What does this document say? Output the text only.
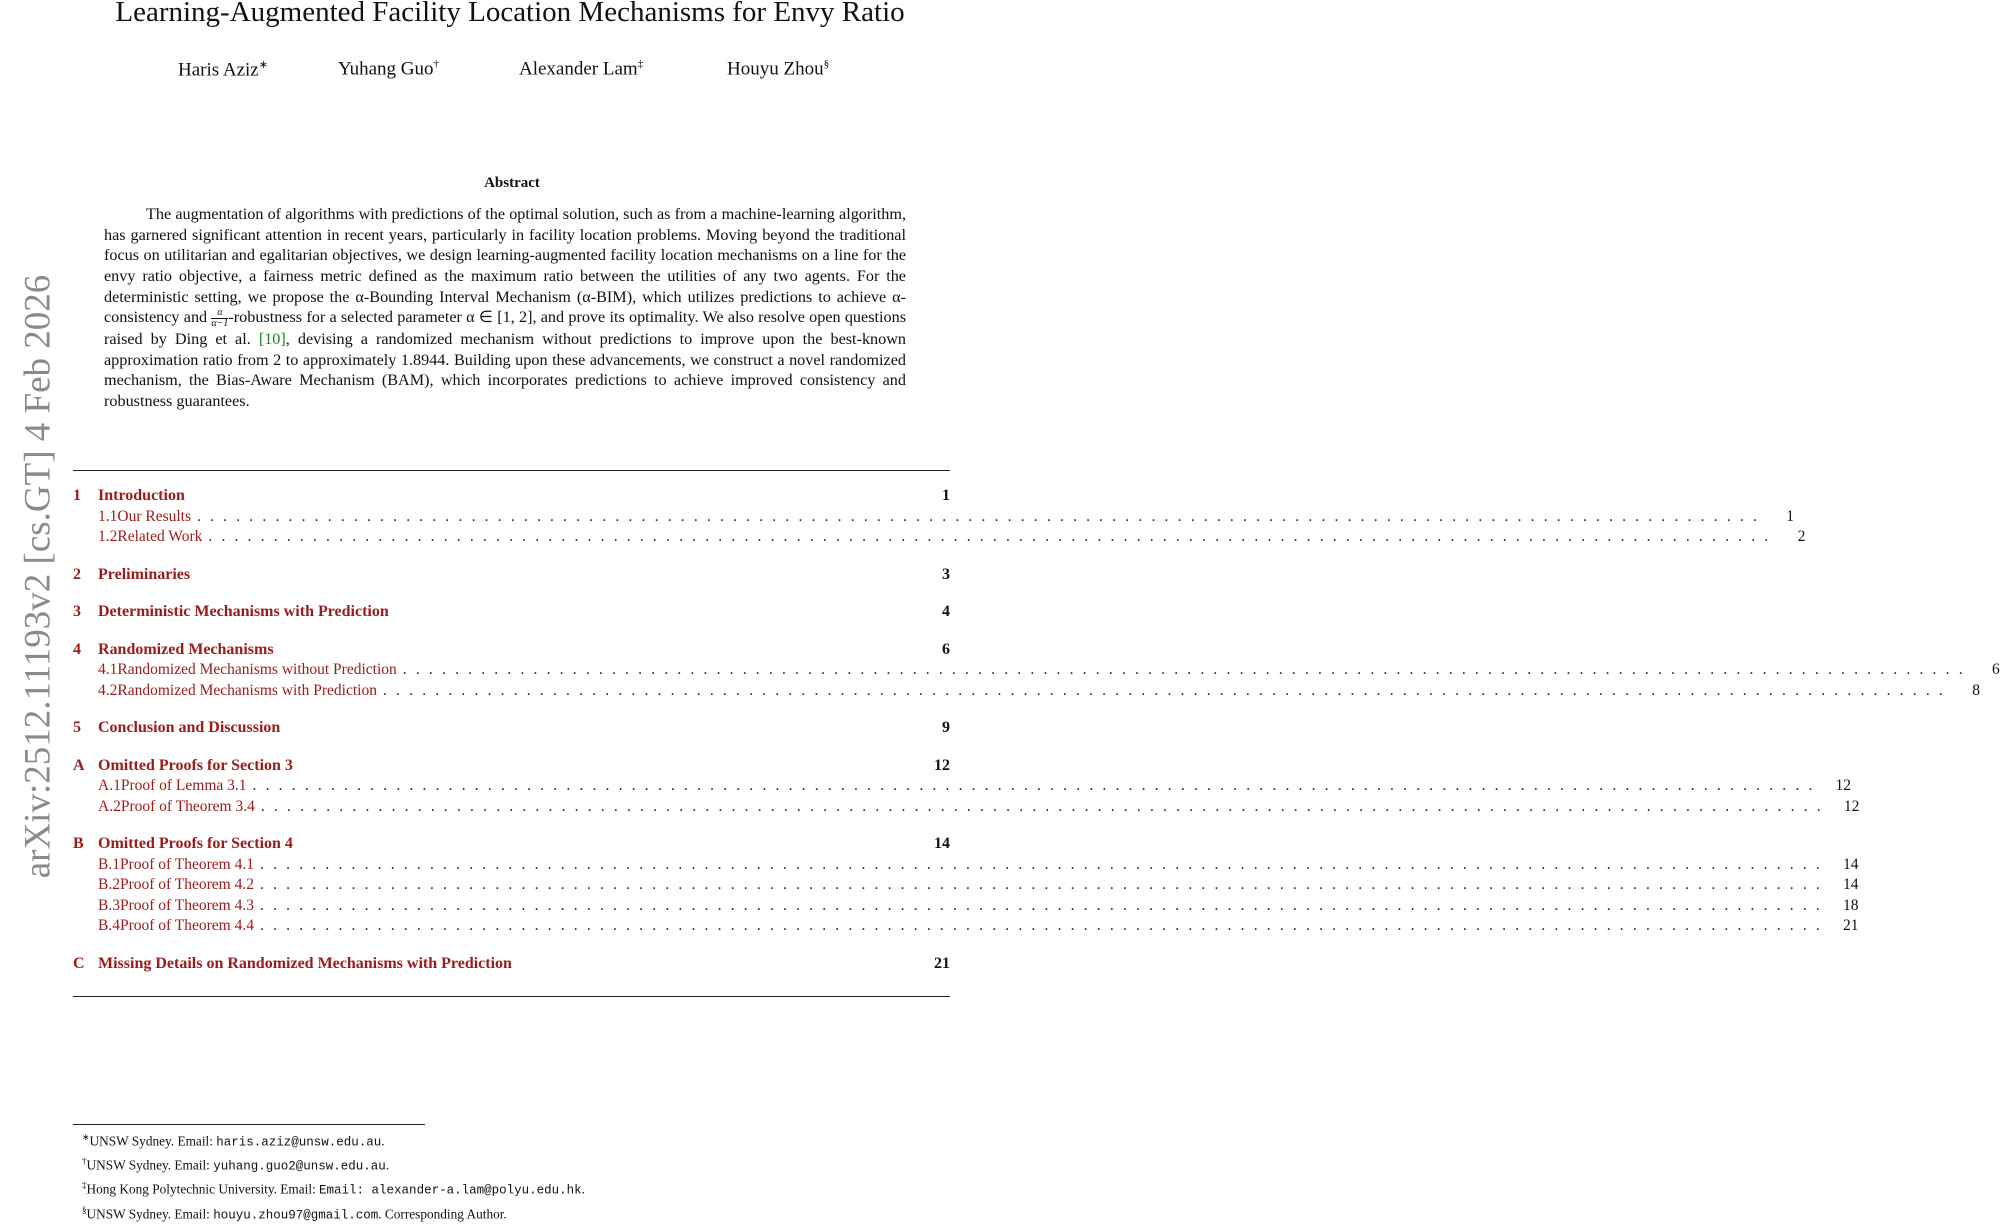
Learning-Augmented Facility Location Mechanisms for Envy Ratio
Haris Aziz∗	Yuhang Guo†	Alexander Lam‡	Houyu Zhou§
arXiv:2512.11193v2 [cs.GT] 4 Feb 2026
Abstract
The augmentation of algorithms with predictions of the optimal solution, such as from a machine-learning algorithm, has garnered significant attention in recent years, particularly in facility location problems. Moving beyond the traditional focus on utilitarian and egalitarian objectives, we design learning-augmented facility location mechanisms on a line for the envy ratio objective, a fairness metric defined as the maximum ratio between the utilities of any two agents. For the deterministic setting, we propose the α-Bounding Interval Mechanism (α-BIM), which utilizes predictions to achieve α-consistency and $\frac{\alpha}{\alpha-1}$ -robustness for a selected parameter α ∈ [1, 2], and prove its optimality. We also resolve open questions raised by Ding et al. [10], devising a randomized mechanism without predictions to improve upon the best-known approximation ratio from 2 to approximately 1.8944. Building upon these advancements, we construct a novel randomized mechanism, the Bias-Aware Mechanism (BAM), which incorporates predictions to achieve improved consistency and robustness guarantees.
1	Introduction	1
1.1 Our Results ........................................................................................................................	1
1.2 Related Work ........................................................................................................................	2
2	Preliminaries	3
3	Deterministic Mechanisms with Prediction	4
4	Randomized Mechanisms	6
4.1 Randomized Mechanisms without Prediction ........................................................................................................................	6
4.2 Randomized Mechanisms with Prediction ........................................................................................................................	8
5	Conclusion and Discussion	9
A Omitted Proofs for Section 3	12
A.1 Proof of Lemma 3.1 ........................................................................................................................ 12
A.2 Proof of Theorem 3.4 ........................................................................................................................ 12
B Omitted Proofs for Section 4	14
B.1 Proof of Theorem 4.1 ........................................................................................................................ 14
B.2 Proof of Theorem 4.2 ........................................................................................................................ 14
B.3 Proof of Theorem 4.3 ........................................................................................................................ 18
B.4 Proof of Theorem 4.4 ........................................................................................................................ 21
C Missing Details on Randomized Mechanisms with Prediction	21
∗UNSW Sydney. Email: haris.aziz@unsw.edu.au.
†UNSW Sydney. Email: yuhang.guo2@unsw.edu.au.
‡Hong Kong Polytechnic University. Email: Email: alexander-a.lam@polyu.edu.hk.
§UNSW Sydney. Email: houyu.zhou97@gmail.com. Corresponding Author.
